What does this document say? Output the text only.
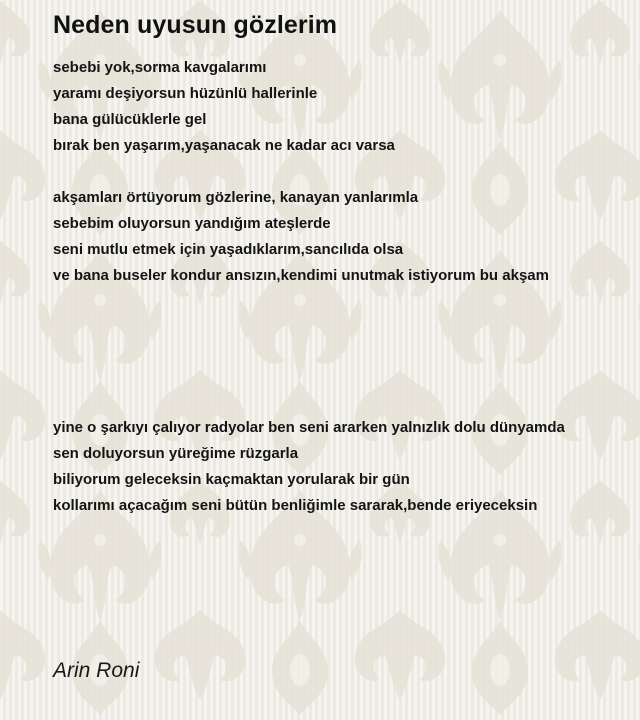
Neden uyusun gözlerim
sebebi yok,sorma kavgalarımı
yaramı deşiyorsun hüzünlü hallerinle
bana gülücüklerle gel
bırak ben yaşarım,yaşanacak ne kadar acı varsa
akşamları örtüyorum gözlerine, kanayan yanlarımla
sebebim oluyorsun yandığım ateşlerde
seni mutlu etmek için yaşadıklarım,sancılıda olsa
ve bana buseler kondur ansızın,kendimi unutmak istiyorum bu akşam
yine o şarkıyı çalıyor radyolar ben seni ararken yalnızlık dolu dünyamda
sen doluyorsun yüreğime rüzgarla
biliyorum geleceksin kaçmaktan yorularak bir gün
kollarımı açacağım seni bütün benliğimle sararak,bende eriyeceksin

Arin Roni
